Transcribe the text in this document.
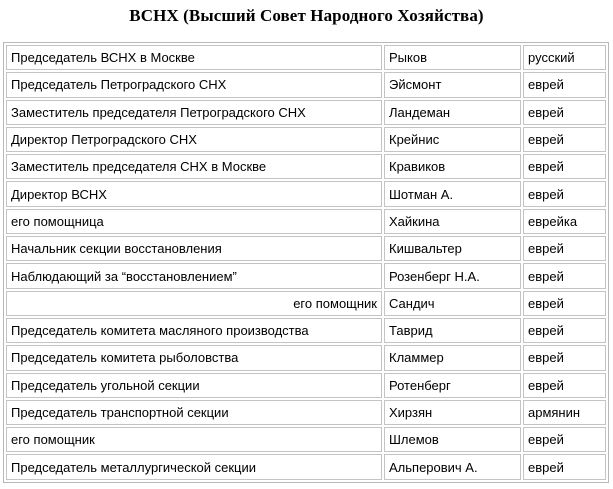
ВСНХ (Высший Совет Народного Хозяйства)
Председатель ВСНХ в Москве	Рыков	русский
Председатель Петроградского СНХ	Эйсмонт	еврей
Заместитель председателя Петроградского СНХ	Ландеман	еврей
Директор Петроградского СНХ	Крейнис	еврей
Заместитель председателя СНХ в Москве	Кравиков	еврей
Директор ВСНХ	Шотман А.	еврей
его помощница	Хайкина	еврейка
Начальник секции восстановления	Кишвальтер	еврей
Наблюдающий за “восстановлением”	Розенберг Н.А.	еврей
его помощник	Сандич	еврей
Председатель комитета масляного производства	Таврид	еврей
Председатель комитета рыболовства	Кламмер	еврей
Председатель угольной секции	Ротенберг	еврей
Председатель транспортной секции	Хирзян	армянин
его помощник	Шлемов	еврей
Председатель металлургической секции	Альперович А.	еврей
